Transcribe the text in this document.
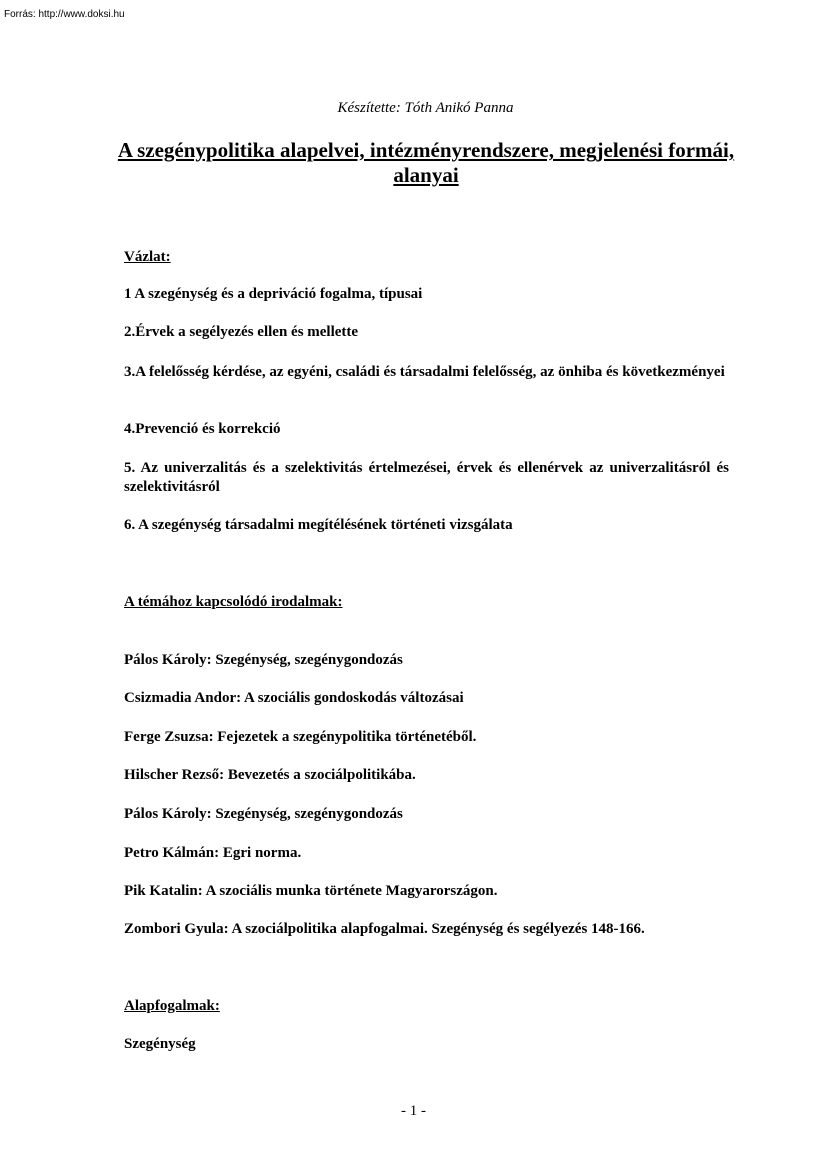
Forrás: http://www.doksi.hu
Készítette: Tóth Anikó Panna
A szegénypolitika alapelvei, intézményrendszere, megjelenési formái, alanyai
Vázlat:

1 A szegénység és a depriváció fogalma, típusai

2.Érvek a segélyezés ellen és mellette

3.A felelősség kérdése, az egyéni, családi és társadalmi felelősség, az önhiba és következményei

4.Prevenció és korrekció

5. Az univerzalitás és a szelektivitás értelmezései, érvek és ellenérvek az univerzalitásról és szelektivitásról

6. A szegénység társadalmi megítélésének történeti vizsgálata

A témához kapcsolódó irodalmak:

Pálos Károly: Szegénység, szegénygondozás

Csizmadia Andor: A szociális gondoskodás változásai

Ferge Zsuzsa: Fejezetek a szegénypolitika történetéből.

Hilscher Rezső: Bevezetés a szociálpolitikába.

Pálos Károly: Szegénység, szegénygondozás

Petro Kálmán: Egri norma.

Pik Katalin: A szociális munka története Magyarországon.

Zombori Gyula: A szociálpolitika alapfogalmai. Szegénység és segélyezés 148-166.

Alapfogalmak:

Szegénység

- 1 -
